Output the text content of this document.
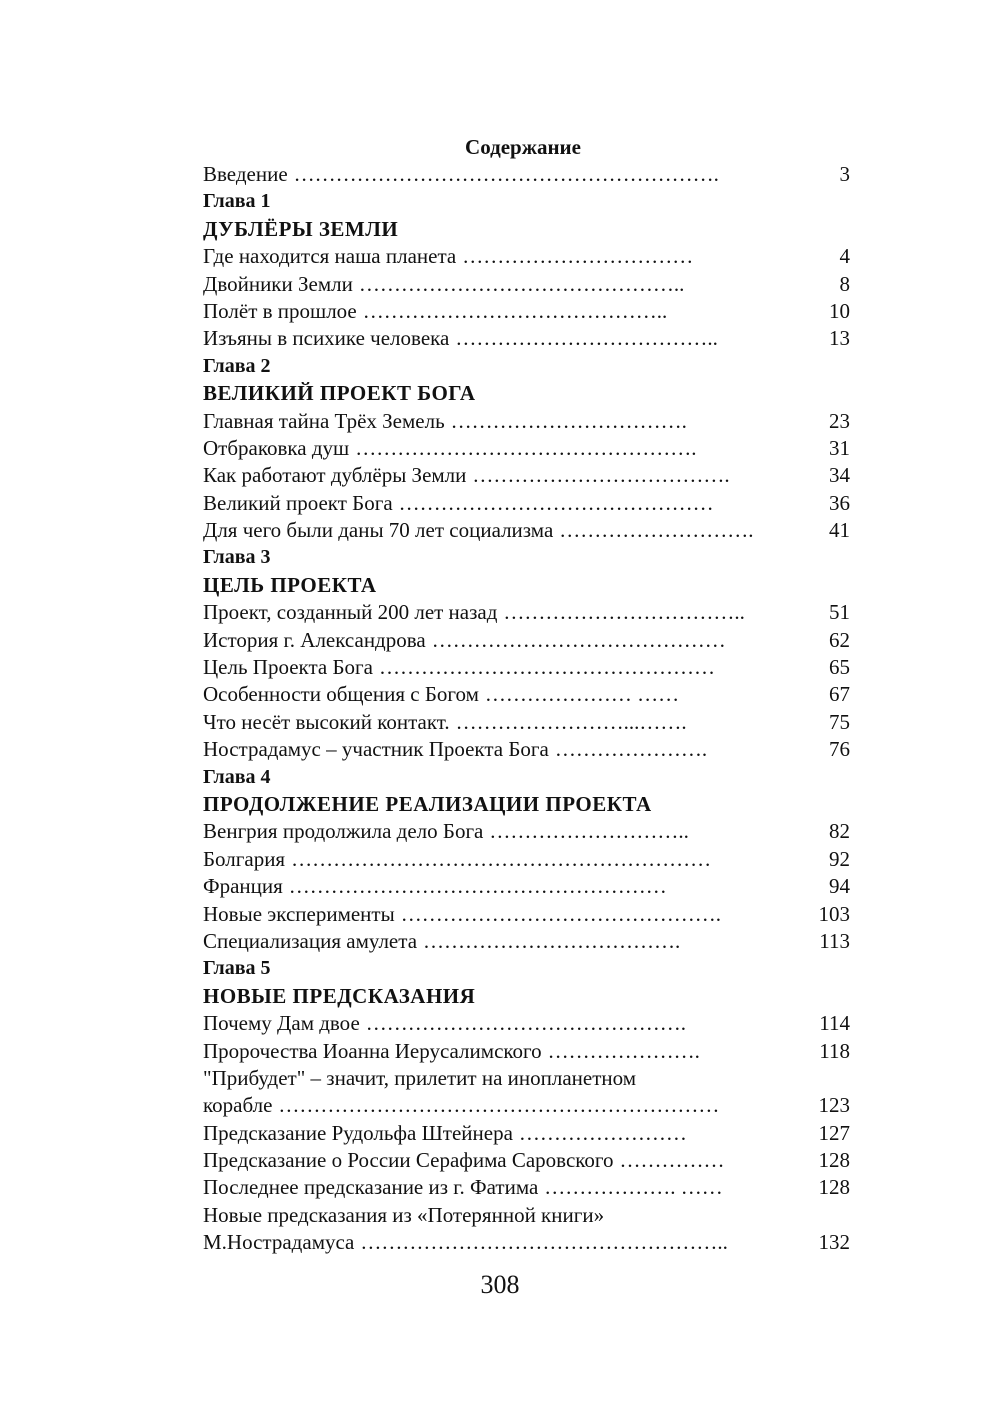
Содержание
Введение …………………………………………………….	3
Глава 1
ДУБЛЁРЫ ЗЕМЛИ
Где находится наша планета ……………………………	4
Двойники Земли ………………………………………..	8
Полёт в прошлое……………………………………..	10
Изъяны в психике человека ………………………………..	13
Глава 2
ВЕЛИКИЙ ПРОЕКТ БОГА
Главная тайна Трёх Земель…………………………….	23
Отбраковка душ ………………………………………….	31
Как работают дублёры Земли ……………………………….	34
Великий проект Бога ………………………………………	36
Для чего были даны 70 лет социализма ……………………….	41
Глава 3
ЦЕЛЬ ПРОЕКТА
Проект, созданный 200 лет назад ……………………………..	51
История г. Александрова ……………………………………	62
Цель Проекта Бога …………………………………………	65
Особенности общения с Богом………………… ……	67
Что несёт высокий контакт.……………………...…….	75
Нострадамус – участник Проекта Бога………………….	76
Глава 4
ПРОДОЛЖЕНИЕ РЕАЛИЗАЦИИ ПРОЕКТА
Венгрия продолжила дело Бога ………………………..	82
Болгария ……………………………………………………	92
Франция………………………………………………	94
Новые эксперименты ……………………………………….	103
Специализация амулета ……………………………….	113
Глава 5
НОВЫЕ ПРЕДСКАЗАНИЯ
Почему Дам двое ……………………………………….	114
Пророчества Иоанна Иерусалимского………………….	118
"Прибудет" – значит, прилетит на инопланетном
корабле ………………………………………………………	123
Предсказание Рудольфа Штейнера ……………………	127
Предсказание о России Серафима Саровского ……………	128
Последнее предсказание из г. Фатима………………. ……	128
Новые предсказания из «Потерянной книги»
М.Нострадамуса……………………………………………..	132
308
